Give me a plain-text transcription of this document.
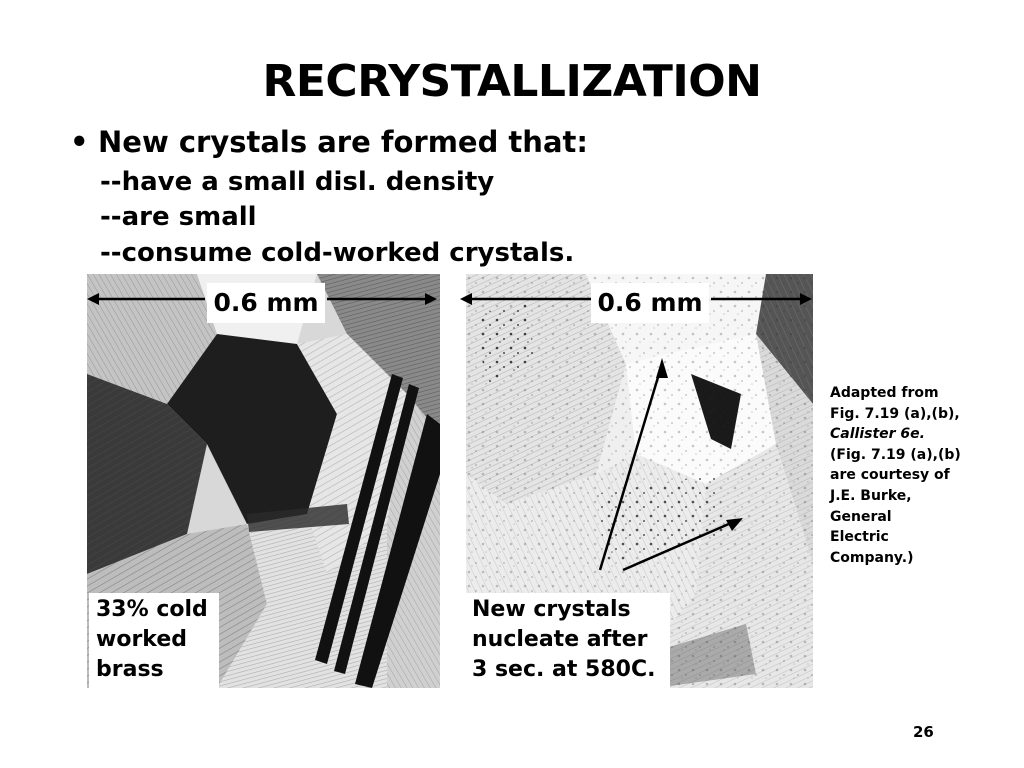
RECRYSTALLIZATION
• New crystals are formed that:
--have a small disl. density
--are small
--consume cold-worked crystals.
0.6 mm	0.6 mm
33% cold
worked
brass
New crystals
nucleate after
3 sec. at 580C.
Adapted from
Fig. 7.19 (a),(b),
Callister 6e.
(Fig. 7.19 (a),(b)
are courtesy of
J.E. Burke,
General
Electric
Company.)
26
